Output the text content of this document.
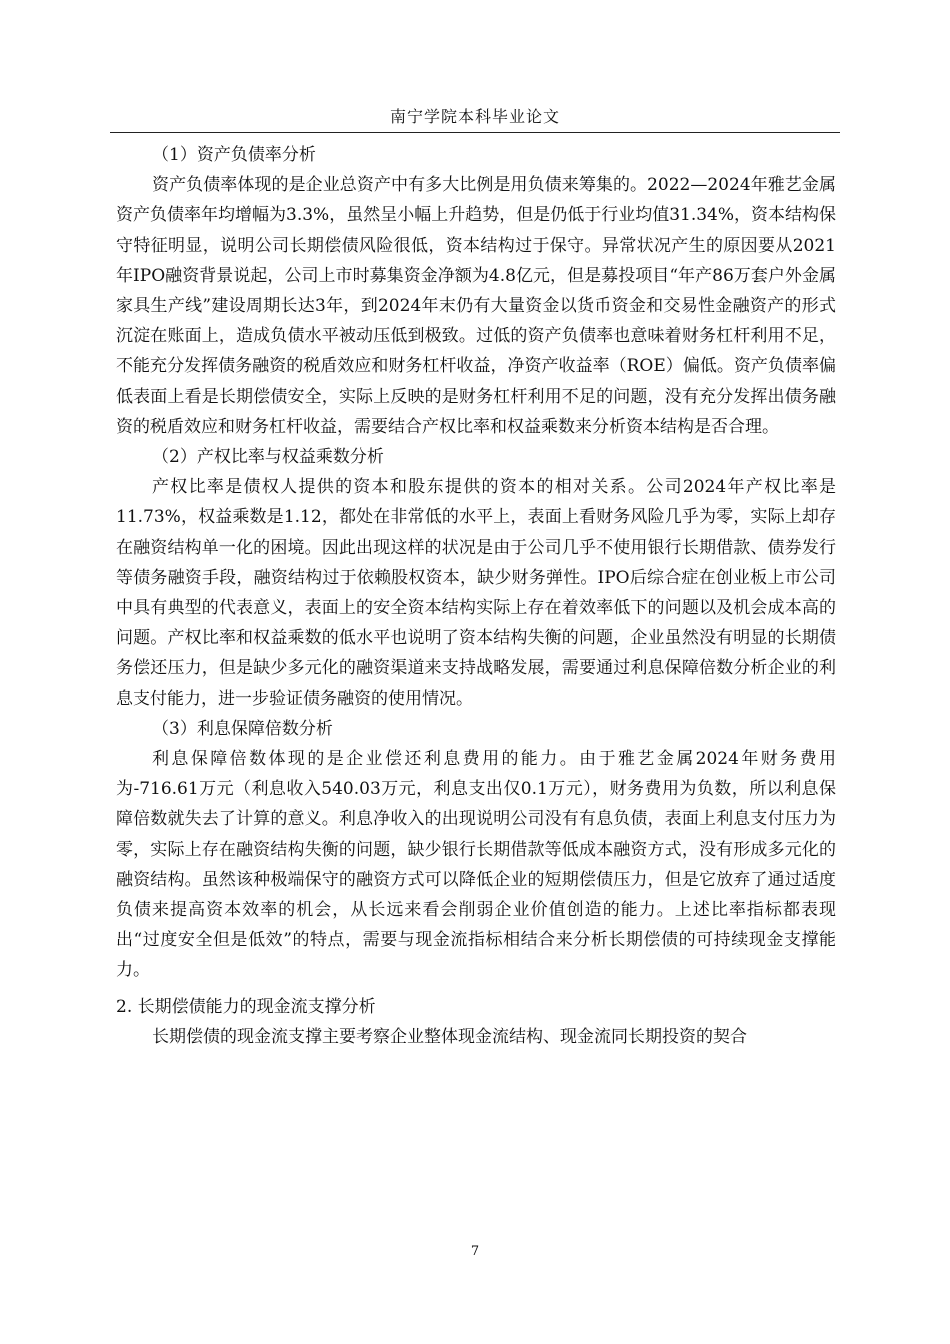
南宁学院本科毕业论文

（1）资产负债率分析

资产负债率体现的是企业总资产中有多大比例是用负债来筹集的。2022—2024年雅艺金属资产负债率年均增幅为3.3%，虽然呈小幅上升趋势，但是仍低于行业均值31.34%，资本结构保守特征明显，说明公司长期偿债风险很低，资本结构过于保守。异常状况产生的原因要从2021年IPO融资背景说起，公司上市时募集资金净额为4.8亿元，但是募投项目“年产86万套户外金属家具生产线”建设周期长达3年，到2024年末仍有大量资金以货币资金和交易性金融资产的形式沉淀在账面上，造成负债水平被动压低到极致。过低的资产负债率也意味着财务杠杆利用不足，不能充分发挥债务融资的税盾效应和财务杠杆收益，净资产收益率（ROE）偏低。资产负债率偏低表面上看是长期偿债安全，实际上反映的是财务杠杆利用不足的问题，没有充分发挥出债务融资的税盾效应和财务杠杆收益，需要结合产权比率和权益乘数来分析资本结构是否合理。

（2）产权比率与权益乘数分析

产权比率是债权人提供的资本和股东提供的资本的相对关系。公司2024年产权比率是11.73%，权益乘数是1.12，都处在非常低的水平上，表面上看财务风险几乎为零，实际上却存在融资结构单一化的困境。因此出现这样的状况是由于公司几乎不使用银行长期借款、债券发行等债务融资手段，融资结构过于依赖股权资本，缺少财务弹性。IPO后综合症在创业板上市公司中具有典型的代表意义，表面上的安全资本结构实际上存在着效率低下的问题以及机会成本高的问题。产权比率和权益乘数的低水平也说明了资本结构失衡的问题，企业虽然没有明显的长期债务偿还压力，但是缺少多元化的融资渠道来支持战略发展，需要通过利息保障倍数分析企业的利息支付能力，进一步验证债务融资的使用情况。

（3）利息保障倍数分析

利息保障倍数体现的是企业偿还利息费用的能力。由于雅艺金属2024年财务费用为-716.61万元（利息收入540.03万元，利息支出仅0.1万元），财务费用为负数，所以利息保障倍数就失去了计算的意义。利息净收入的出现说明公司没有有息负债，表面上利息支付压力为零，实际上存在融资结构失衡的问题，缺少银行长期借款等低成本融资方式，没有形成多元化的融资结构。虽然该种极端保守的融资方式可以降低企业的短期偿债压力，但是它放弃了通过适度负债来提高资本效率的机会，从长远来看会削弱企业价值创造的能力。上述比率指标都表现出“过度安全但是低效”的特点，需要与现金流指标相结合来分析长期偿债的可持续现金支撑能力。

2. 长期偿债能力的现金流支撑分析

长期偿债的现金流支撑主要考察企业整体现金流结构、现金流同长期投资的契合

7
